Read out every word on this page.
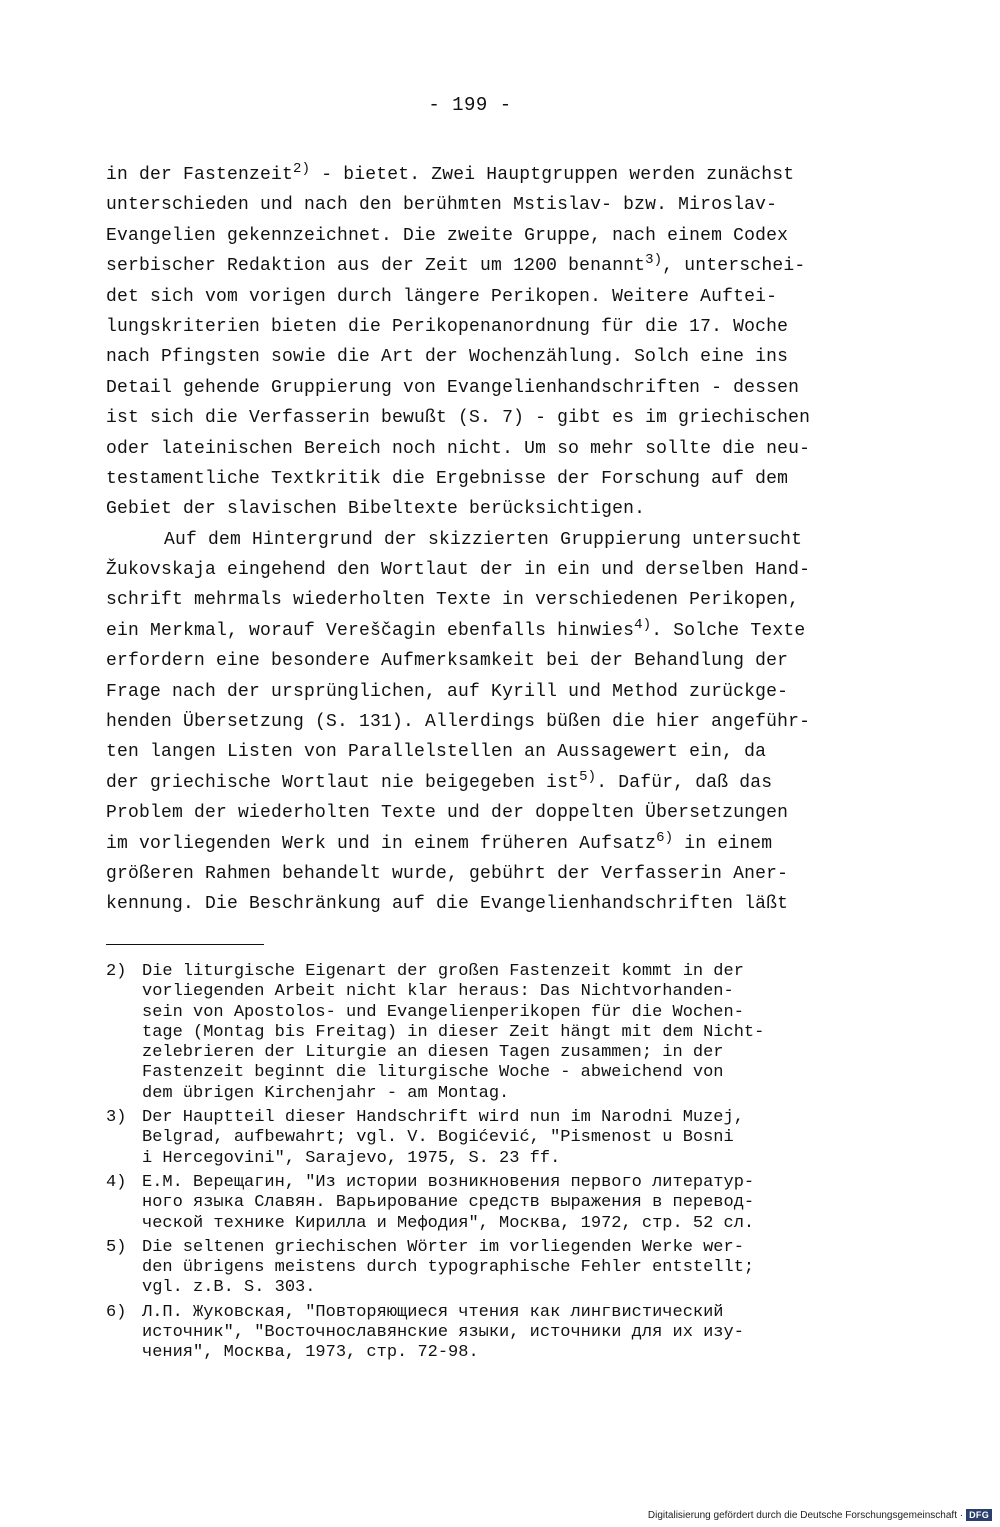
- 199 -
in der Fastenzeit$^{2)}$ - bietet. Zwei Hauptgruppen werden zunächst
unterschieden und nach den berühmten Mstislav- bzw. Miroslav-
Evangelien gekennzeichnet. Die zweite Gruppe, nach einem Codex
serbischer Redaktion aus der Zeit um 1200 benannt$^{3)}$, unterschei-
det sich vom vorigen durch längere Perikopen. Weitere Auftei-
lungskriterien bieten die Perikopenanordnung für die 17. Woche
nach Pfingsten sowie die Art der Wochenzählung. Solch eine ins
Detail gehende Gruppierung von Evangelienhandschriften - dessen
ist sich die Verfasserin bewußt (S. 7) - gibt es im griechischen
oder lateinischen Bereich noch nicht. Um so mehr sollte die neu-
testamentliche Textkritik die Ergebnisse der Forschung auf dem
Gebiet der slavischen Bibeltexte berücksichtigen.
Auf dem Hintergrund der skizzierten Gruppierung untersucht
Žukovskaja eingehend den Wortlaut der in ein und derselben Hand-
schrift mehrmals wiederholten Texte in verschiedenen Perikopen,
ein Merkmal, worauf Vereščagin ebenfalls hinwies$^{4)}$. Solche Texte
erfordern eine besondere Aufmerksamkeit bei der Behandlung der
Frage nach der ursprünglichen, auf Kyrill und Method zurückge-
henden Übersetzung (S. 131). Allerdings büßen die hier angeführ-
ten langen Listen von Parallelstellen an Aussagewert ein, da
der griechische Wortlaut nie beigegeben ist$^{5)}$. Dafür, daß das
Problem der wiederholten Texte und der doppelten Übersetzungen
im vorliegenden Werk und in einem früheren Aufsatz$^{6)}$ in einem
größeren Rahmen behandelt wurde, gebührt der Verfasserin Aner-
kennung. Die Beschränkung auf die Evangelienhandschriften läßt
2) Die liturgische Eigenart der großen Fastenzeit kommt in der
vorliegenden Arbeit nicht klar heraus: Das Nichtvorhanden-
sein von Apostolos- und Evangelienperikopen für die Wochen-
tage (Montag bis Freitag) in dieser Zeit hängt mit dem Nicht-
zelebrieren der Liturgie an diesen Tagen zusammen; in der
Fastenzeit beginnt die liturgische Woche - abweichend von
dem übrigen Kirchenjahr - am Montag.
3) Der Hauptteil dieser Handschrift wird nun im Narodni Muzej,
Belgrad, aufbewahrt; vgl. V. Bogićević, "Pismenost u Bosni
i Hercegovini", Sarajevo, 1975, S. 23 ff.
4) Е.М. Верещагин, "Из истории возникновения первого литератур-
ного языка Славян. Варьирование средств выражения в перевод-
ческой технике Кирилла и Мефодия", Москва, 1972, стр. 52 сл.
5) Die seltenen griechischen Wörter im vorliegenden Werke wer-
den übrigens meistens durch typographische Fehler entstellt;
vgl. z.B. S. 303.
6) Л.П. Жуковская, "Повторяющиеся чтения как лингвистический
источник", "Восточнославянские языки, источники для их изу-
чения", Москва, 1973, стр. 72-98.
Digitalisierung gefördert durch die Deutsche Forschungsgemeinschaft · DFG
